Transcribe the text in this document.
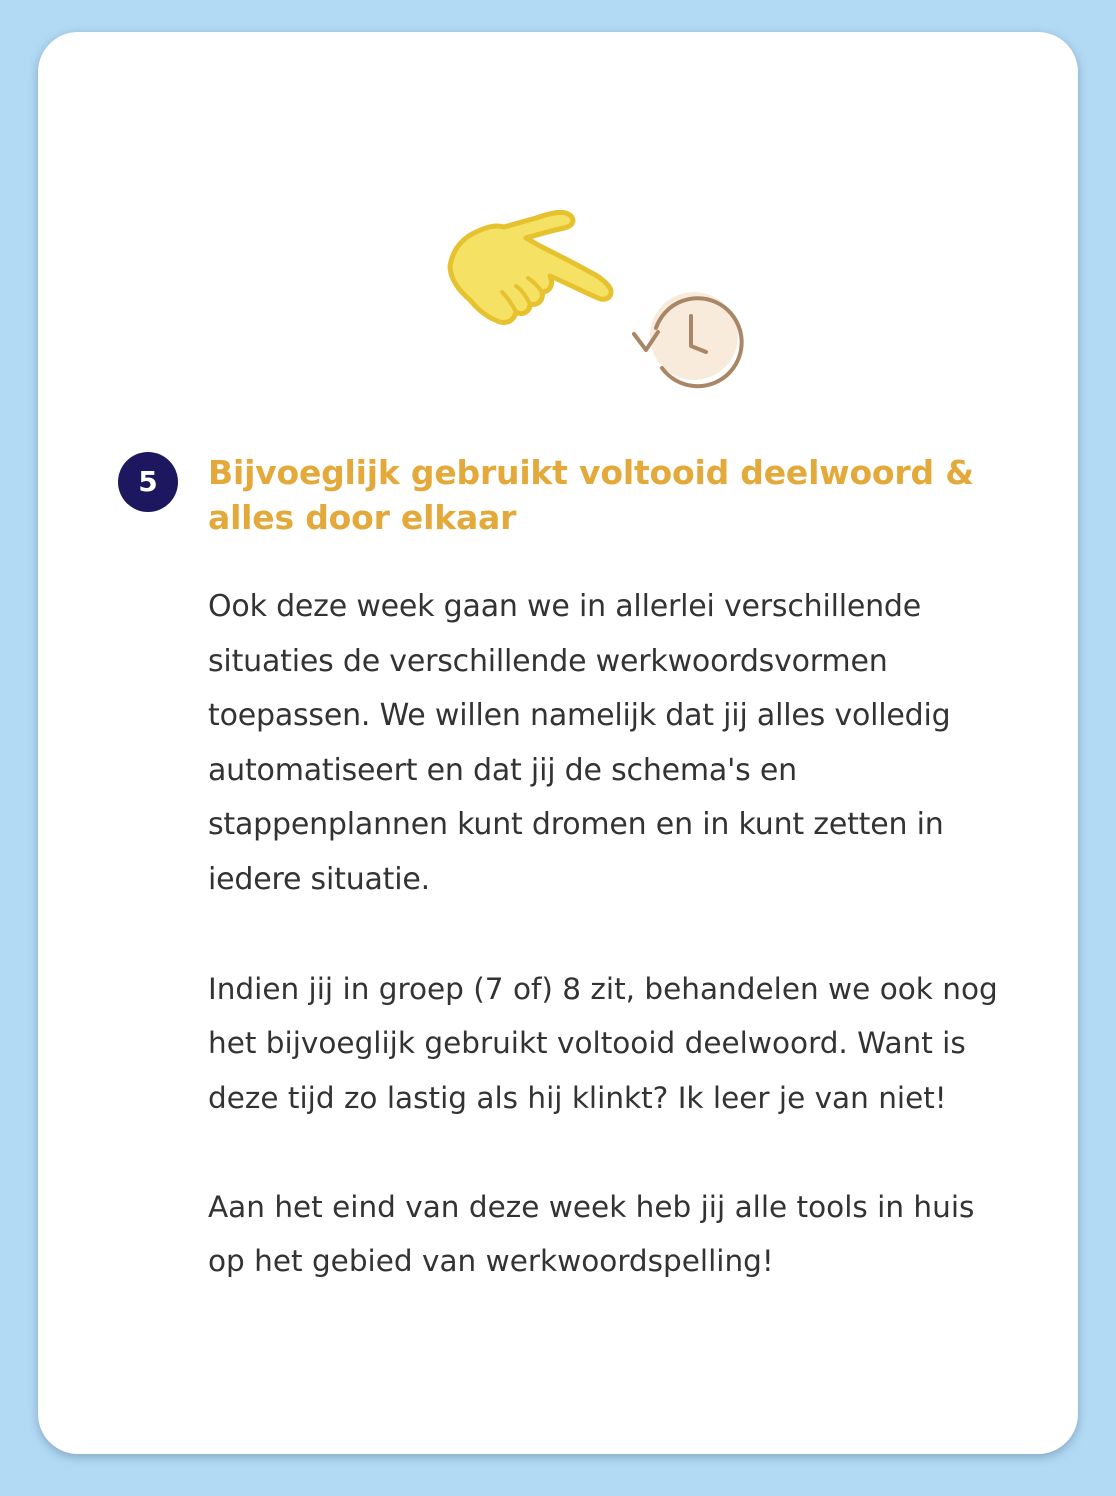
5	Bijvoeglijk gebruikt voltooid deelwoord & alles door elkaar

Ook deze week gaan we in allerlei verschillende situaties de verschillende werkwoordsvormen toepassen. We willen namelijk dat jij alles volledig automatiseert en dat jij de schema's en stappenplannen kunt dromen en in kunt zetten in iedere situatie.

Indien jij in groep (7 of) 8 zit, behandelen we ook nog het bijvoeglijk gebruikt voltooid deelwoord. Want is deze tijd zo lastig als hij klinkt? Ik leer je van niet!

Aan het eind van deze week heb jij alle tools in huis op het gebied van werkwoordspelling!
